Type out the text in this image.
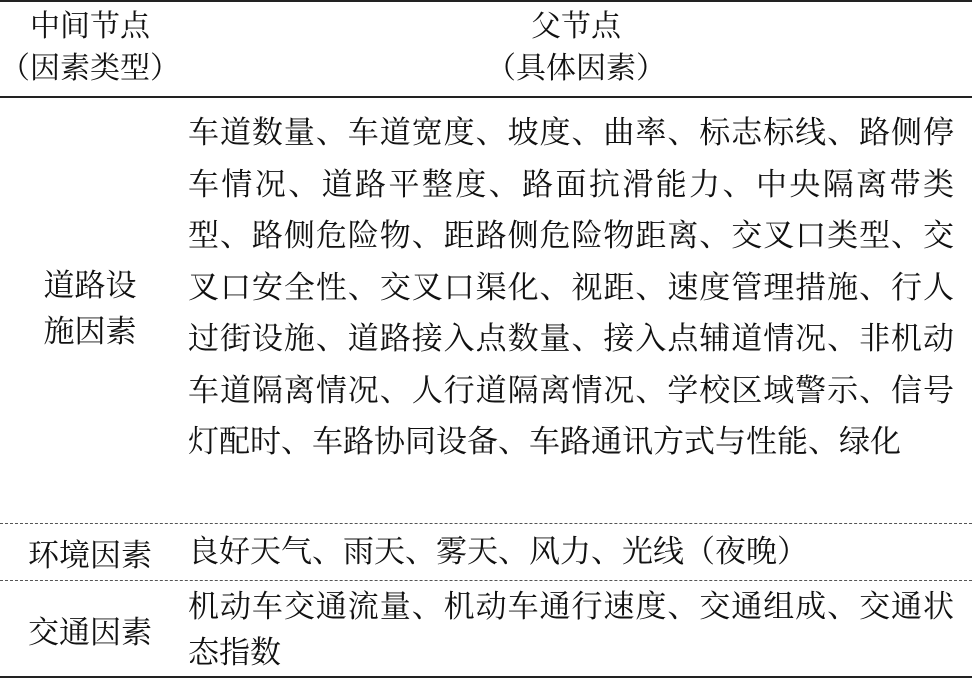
中间节点
（因素类型）
父节点
（具体因素）
道路设
施因素
车道数量、车道宽度、坡度、曲率、标志标线、路侧停车情况、道路平整度、路面抗滑能力、中央隔离带类型、路侧危险物、距路侧危险物距离、交叉口类型、交叉口安全性、交叉口渠化、视距、速度管理措施、行人过街设施、道路接入点数量、接入点辅道情况、非机动车道隔离情况、人行道隔离情况、学校区域警示、信号灯配时、车路协同设备、车路通讯方式与性能、绿化
环境因素	良好天气、雨天、雾天、风力、光线（夜晚）
交通因素
机动车交通流量、机动车通行速度、交通组成、交通状态指数
